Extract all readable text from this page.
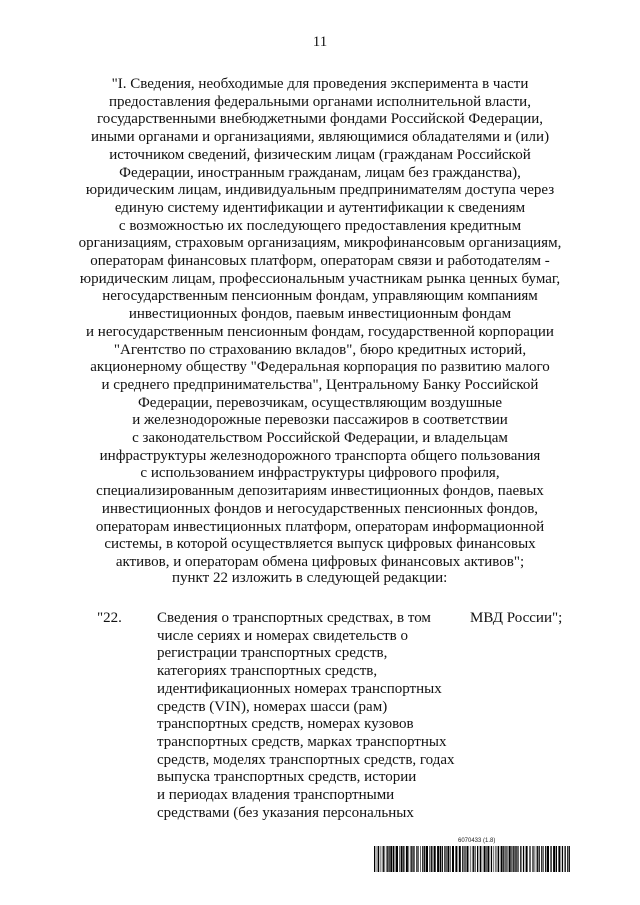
11
"I. Сведения, необходимые для проведения эксперимента в части
предоставления федеральными органами исполнительной власти,
государственными внебюджетными фондами Российской Федерации,
иными органами и организациями, являющимися обладателями и (или)
источником сведений, физическим лицам (гражданам Российской
Федерации, иностранным гражданам, лицам без гражданства),
юридическим лицам, индивидуальным предпринимателям доступа через
единую систему идентификации и аутентификации к сведениям
с возможностью их последующего предоставления кредитным
организациям, страховым организациям, микрофинансовым организациям,
операторам финансовых платформ, операторам связи и работодателям -
юридическим лицам, профессиональным участникам рынка ценных бумаг,
негосударственным пенсионным фондам, управляющим компаниям
инвестиционных фондов, паевым инвестиционным фондам
и негосударственным пенсионным фондам, государственной корпорации
"Агентство по страхованию вкладов", бюро кредитных историй,
акционерному обществу "Федеральная корпорация по развитию малого
и среднего предпринимательства", Центральному Банку Российской
Федерации, перевозчикам, осуществляющим воздушные
и железнодорожные перевозки пассажиров в соответствии
с законодательством Российской Федерации, и владельцам
инфраструктуры железнодорожного транспорта общего пользования
с использованием инфраструктуры цифрового профиля,
специализированным депозитариям инвестиционных фондов, паевых
инвестиционных фондов и негосударственных пенсионных фондов,
операторам инвестиционных платформ, операторам информационной
системы, в которой осуществляется выпуск цифровых финансовых
активов, и операторам обмена цифровых финансовых активов";
пункт 22 изложить в следующей редакции:
"22. Сведения о транспортных средствах, в том
числе сериях и номерах свидетельств о
регистрации транспортных средств,
категориях транспортных средств,
идентификационных номерах транспортных
средств (VIN), номерах шасси (рам)
транспортных средств, номерах кузовов
транспортных средств, марках транспортных
средств, моделях транспортных средств, годах
выпуска транспортных средств, истории
и периодах владения транспортными
средствами (без указания персональных
МВД России";
6070433 (1.8)
